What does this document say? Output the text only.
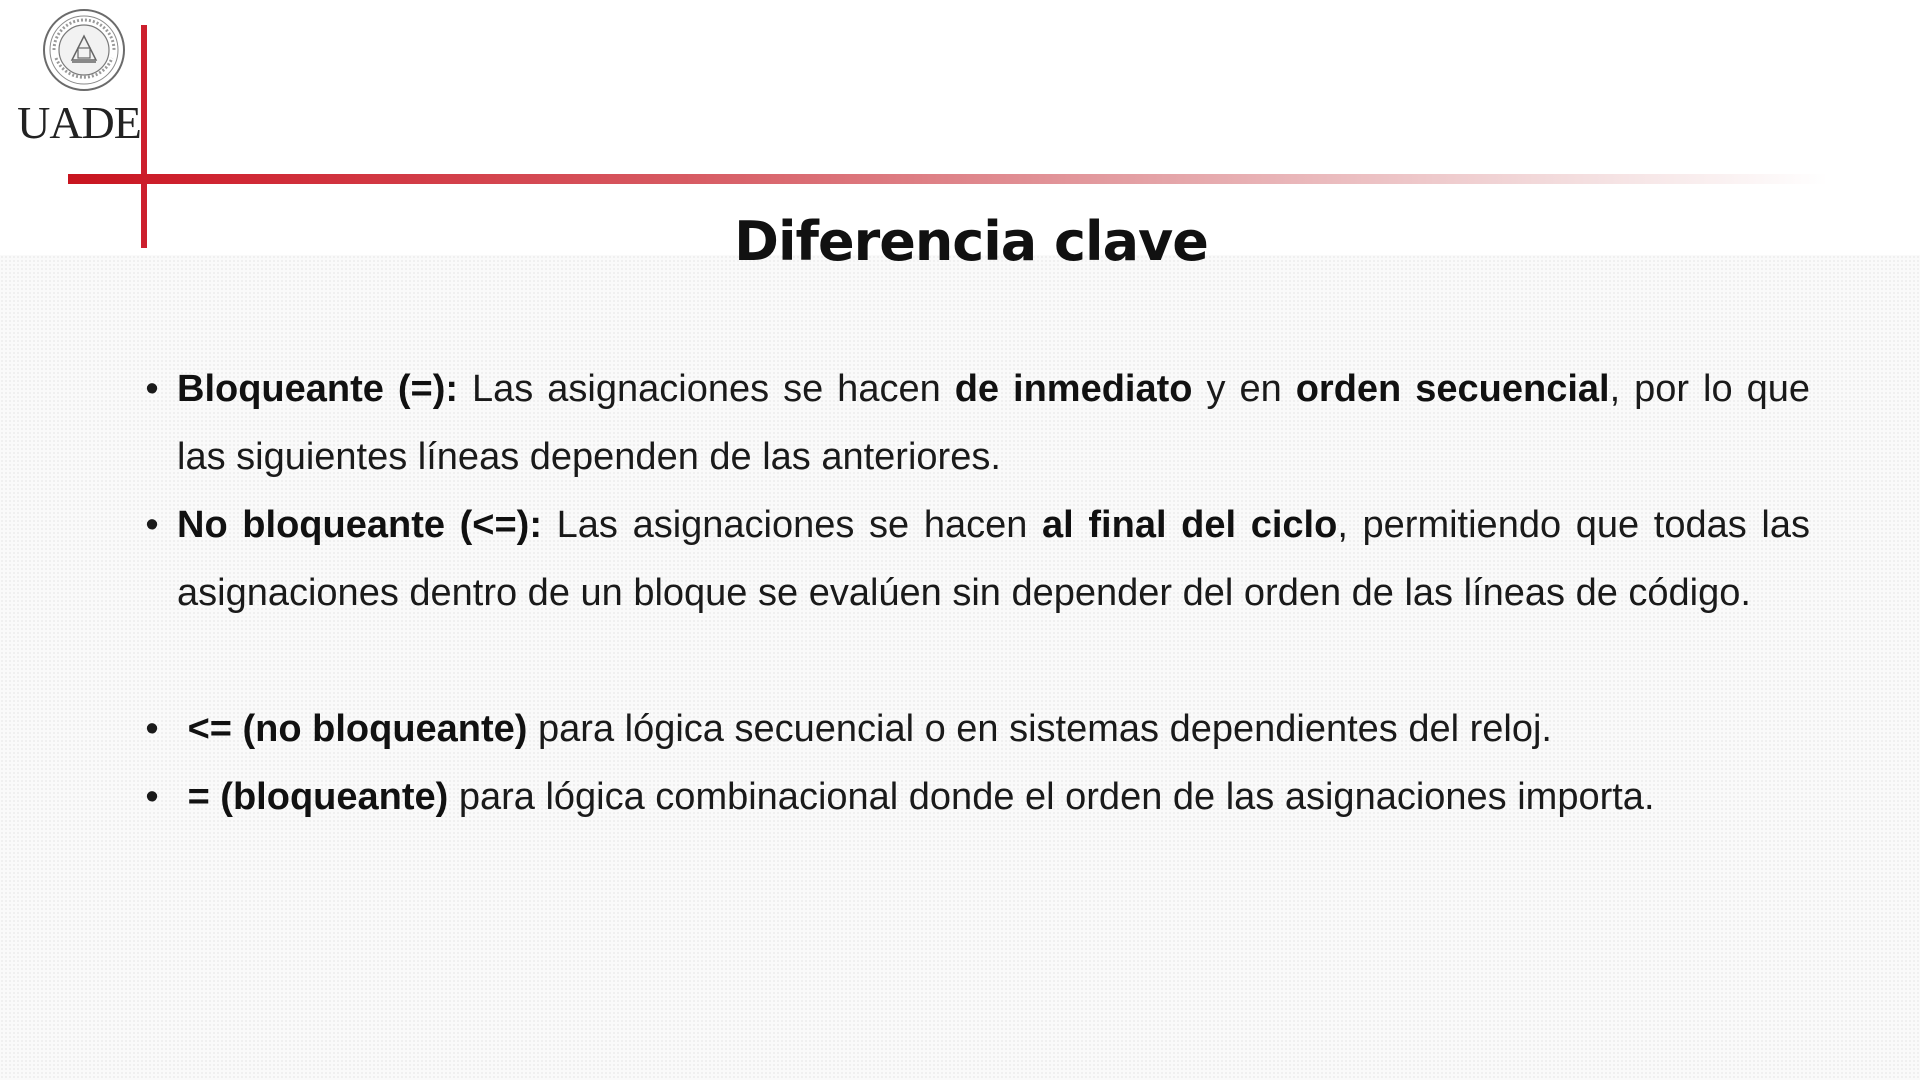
UADE
Diferencia clave
• Bloqueante (=): Las asignaciones se hacen de inmediato y en orden secuencial, por lo que las siguientes líneas dependen de las anteriores.
• No bloqueante (<=): Las asignaciones se hacen al final del ciclo, permitiendo que todas las asignaciones dentro de un bloque se evalúen sin depender del orden de las líneas de código.
• <= (no bloqueante) para lógica secuencial o en sistemas dependientes del reloj.
• = (bloqueante) para lógica combinacional donde el orden de las asignaciones importa.
